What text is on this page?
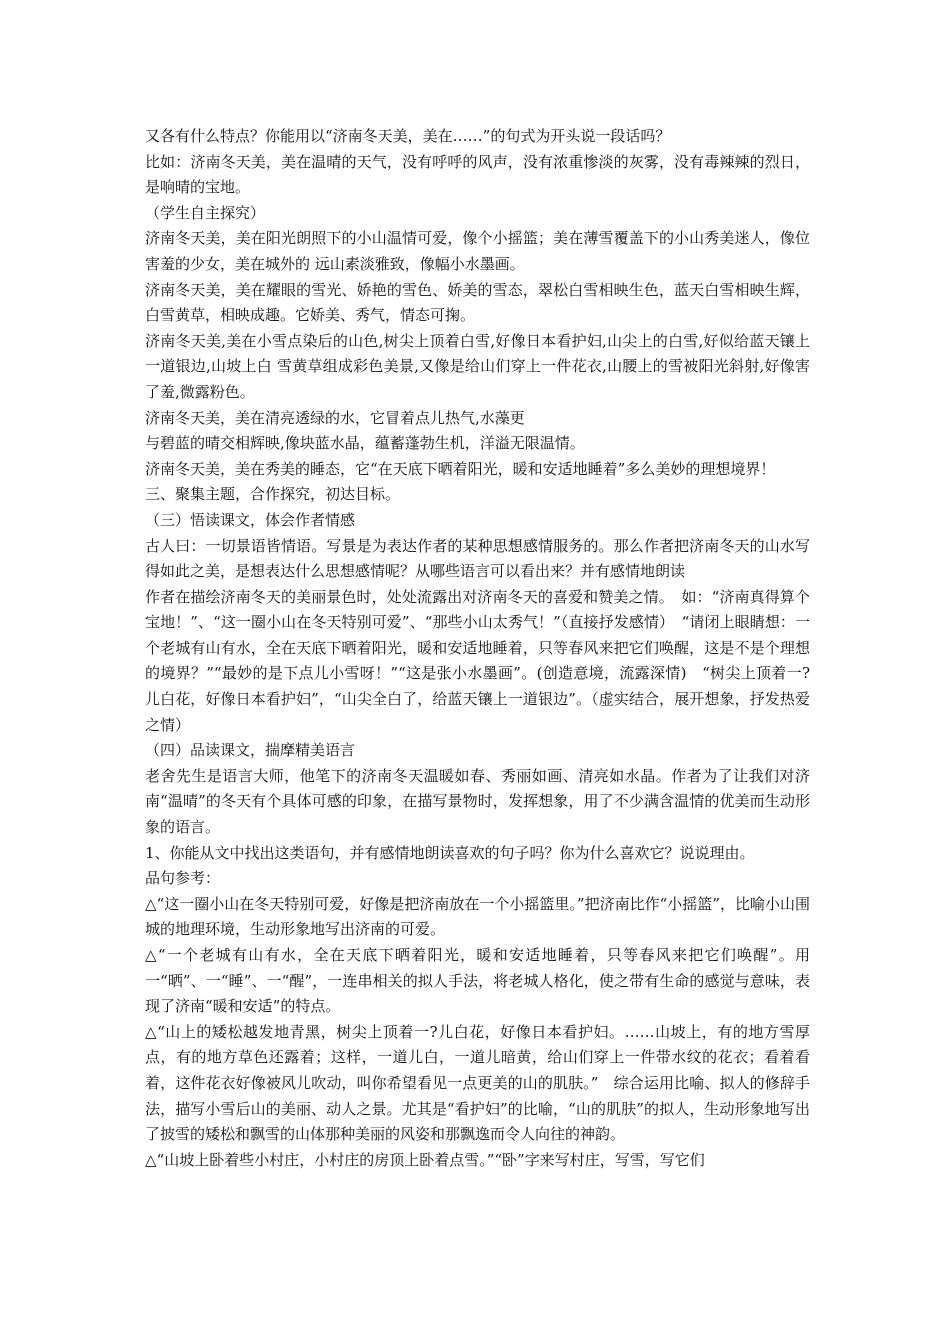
又各有什么特点？你能用以“济南冬天美，美在……”的句式为开头说一段话吗？

比如：济南冬天美，美在温晴的天气，没有呼呼的风声，没有浓重惨淡的灰雾，没有毒辣辣的烈日，是响晴的宝地。

（学生自主探究）

济南冬天美，美在阳光朗照下的小山温情可爱，像个小摇篮；美在薄雪覆盖下的小山秀美迷人，像位害羞的少女，美在城外的 远山素淡雅致，像幅小水墨画。

济南冬天美，美在耀眼的雪光、娇艳的雪色、娇美的雪态，翠松白雪相映生色，蓝天白雪相映生辉，白雪黄草，相映成趣。它娇美、秀气，情态可掬。

济南冬天美,美在小雪点染后的山色,树尖上顶着白雪,好像日本看护妇,山尖上的白雪,好似给蓝天镶上一道银边,山坡上白 雪黄草组成彩色美景,又像是给山们穿上一件花衣,山腰上的雪被阳光斜射,好像害了羞,微露粉色。

济南冬天美，美在清亮透绿的水，它冒着点儿热气,水藻更

与碧蓝的晴交相辉映,像块蓝水晶，蕴蓄蓬勃生机，洋溢无限温情。

济南冬天美，美在秀美的睡态，它“在天底下晒着阳光，暖和安适地睡着”多么美妙的理想境界！

三、聚集主题，合作探究，初达目标。

（三）悟读课文，体会作者情感

古人曰：一切景语皆情语。写景是为表达作者的某种思想感情服务的。那么作者把济南冬天的山水写得如此之美，是想表达什么思想感情呢？从哪些语言可以看出来？并有感情地朗读

作者在描绘济南冬天的美丽景色时，处处流露出对济南冬天的喜爱和赞美之情。　如：“济南真得算个宝地！”、“这一圈小山在冬天特别可爱”、“那些小山太秀气！”（直接抒发感情）　“请闭上眼睛想：一个老城有山有水，全在天底下晒着阳光，暖和安适地睡着，只等春风来把它们唤醒，这是不是个理想的境界？”“最妙的是下点儿小雪呀！”“这是张小水墨画”。(创造意境，流露深情)　“树尖上顶着一?儿白花，好像日本看护妇”，“山尖全白了，给蓝天镶上一道银边”。（虚实结合，展开想象，抒发热爱之情）

（四）品读课文，揣摩精美语言

老舍先生是语言大师，他笔下的济南冬天温暖如春、秀丽如画、清亮如水晶。作者为了让我们对济南“温晴”的冬天有个具体可感的印象，在描写景物时，发挥想象，用了不少满含温情的优美而生动形象的语言。

1、你能从文中找出这类语句，并有感情地朗读喜欢的句子吗？你为什么喜欢它？说说理由。

品句参考：

△“这一圈小山在冬天特别可爱，好像是把济南放在一个小摇篮里。”把济南比作“小摇篮”，比喻小山围城的地理环境，生动形象地写出济南的可爱。

△“一个老城有山有水，全在天底下晒着阳光，暖和安适地睡着，只等春风来把它们唤醒”。用一“晒”、一“睡”、一“醒”，一连串相关的拟人手法，将老城人格化，使之带有生命的感觉与意味，表现了济南“暖和安适”的特点。

△“山上的矮松越发地青黑，树尖上顶着一?儿白花，好像日本看护妇。……山坡上，有的地方雪厚点，有的地方草色还露着；这样，一道儿白，一道儿暗黄，给山们穿上一件带水纹的花衣；看着看着，这件花衣好像被风儿吹动，叫你希望看见一点更美的山的肌肤。”　综合运用比喻、拟人的修辞手法，描写小雪后山的美丽、动人之景。尤其是“看护妇”的比喻，“山的肌肤”的拟人，生动形象地写出了披雪的矮松和飘雪的山体那种美丽的风姿和那飘逸而令人向往的神韵。

△“山坡上卧着些小村庄，小村庄的房顶上卧着点雪。”“卧”字来写村庄，写雪，写它们
